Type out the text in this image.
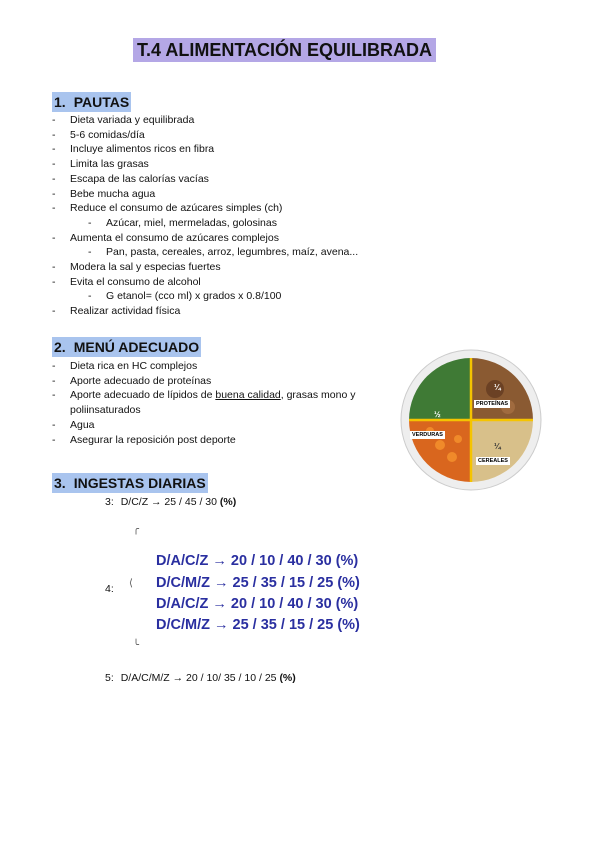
T.4 ALIMENTACIÓN EQUILIBRADA
1. PAUTAS
- Dieta variada y equilibrada
- 5-6 comidas/día
- Incluye alimentos ricos en fibra
- Limita las grasas
- Escapa de las calorías vacías
- Bebe mucha agua
- Reduce el consumo de azúcares simples (ch)
- Azúcar, miel, mermeladas, golosinas
- Aumenta el consumo de azúcares complejos
- Pan, pasta, cereales, arroz, legumbres, maíz, avena...
- Modera la sal y especias fuertes
- Evita el consumo de alcohol
- G etanol= (cco ml) x grados x 0.8/100
- Realizar actividad física
2. MENÚ ADECUADO
- Dieta rica en HC complejos
- Aporte adecuado de proteínas
- Aporte adecuado de lípidos de buena calidad, grasas mono y
poliinsaturados
- Agua
- Asegurar la reposición post deporte
PROTEÍNAS
VERDURAS
CEREALES
¼
½
¼
3. INGESTAS DIARIAS
3: D/C/Z → 25 / 45 / 30 (%)
╭
⟨
╰
4:
D/A/C/Z → 20 / 10 / 40 / 30 (%)
D/C/M/Z → 25 / 35 / 15 / 25 (%)
D/A/C/Z → 20 / 10 / 40 / 30 (%)
D/C/M/Z → 25 / 35 / 15 / 25 (%)
5: D/A/C/M/Z → 20 / 10/ 35 / 10 / 25 (%)
